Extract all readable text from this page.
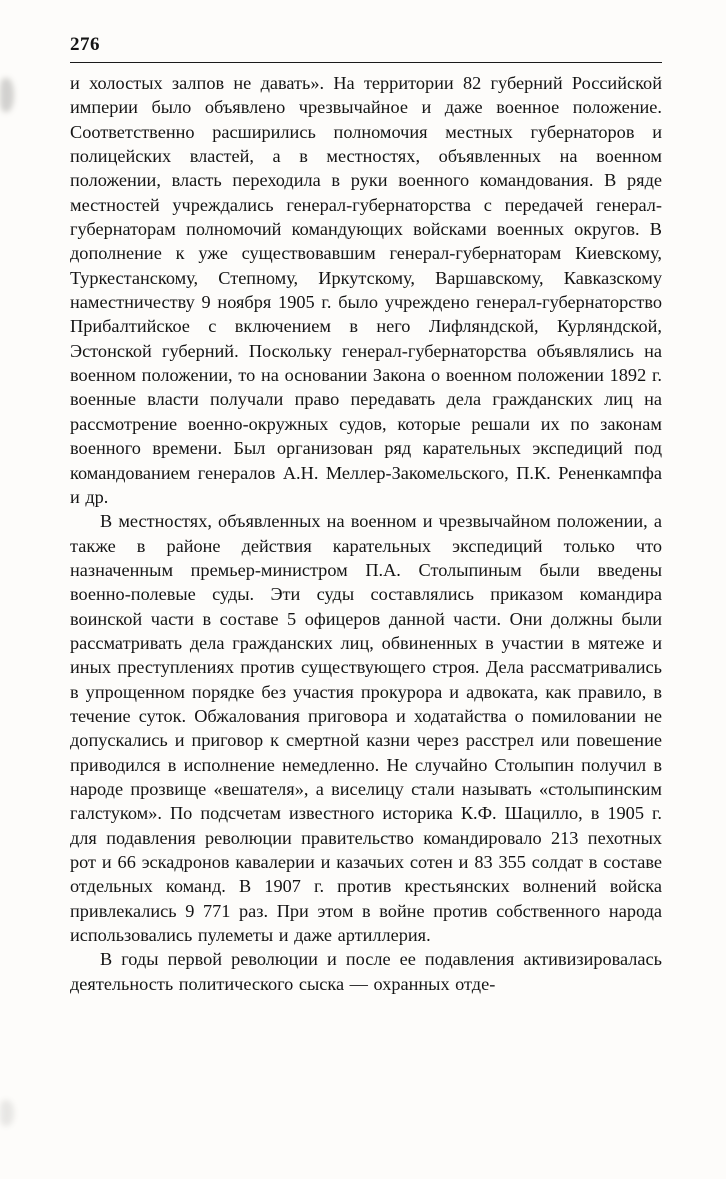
276

и холостых залпов не давать». На территории 82 губерний Российской империи было объявлено чрезвычайное и даже военное положение. Соответственно расширились полномочия местных губернаторов и полицейских властей, а в местностях, объявленных на военном положении, власть переходила в руки военного командования. В ряде местностей учреждались генерал-губернаторства с передачей генерал-губернаторам полномочий командующих войсками военных округов. В дополнение к уже существовавшим генерал-губернаторам Киевскому, Туркестанскому, Степному, Иркутскому, Варшавскому, Кавказскому наместничеству 9 ноября 1905 г. было учреждено генерал-губернаторство Прибалтийское с включением в него Лифляндской, Курляндской, Эстонской губерний. Поскольку генерал-губернаторства объявлялись на военном положении, то на основании Закона о военном положении 1892 г. военные власти получали право передавать дела гражданских лиц на рассмотрение военно-окружных судов, которые решали их по законам военного времени. Был организован ряд карательных экспедиций под командованием генералов А.Н. Меллер-Закомельского, П.К. Рененкампфа и др.

В местностях, объявленных на военном и чрезвычайном положении, а также в районе действия карательных экспедиций только что назначенным премьер-министром П.А. Столыпиным были введены военно-полевые суды. Эти суды составлялись приказом командира воинской части в составе 5 офицеров данной части. Они должны были рассматривать дела гражданских лиц, обвиненных в участии в мятеже и иных преступлениях против существующего строя. Дела рассматривались в упрощенном порядке без участия прокурора и адвоката, как правило, в течение суток. Обжалования приговора и ходатайства о помиловании не допускались и приговор к смертной казни через расстрел или повешение приводился в исполнение немедленно. Не случайно Столыпин получил в народе прозвище «вешателя», а виселицу стали называть «столыпинским галстуком». По подсчетам известного историка К.Ф. Шацилло, в 1905 г. для подавления революции правительство командировало 213 пехотных рот и 66 эскадронов кавалерии и казачьих сотен и 83 355 солдат в составе отдельных команд. В 1907 г. против крестьянских волнений войска привлекались 9 771 раз. При этом в войне против собственного народа использовались пулеметы и даже артиллерия.

В годы первой революции и после ее подавления активизировалась деятельность политического сыска — охранных отде-
